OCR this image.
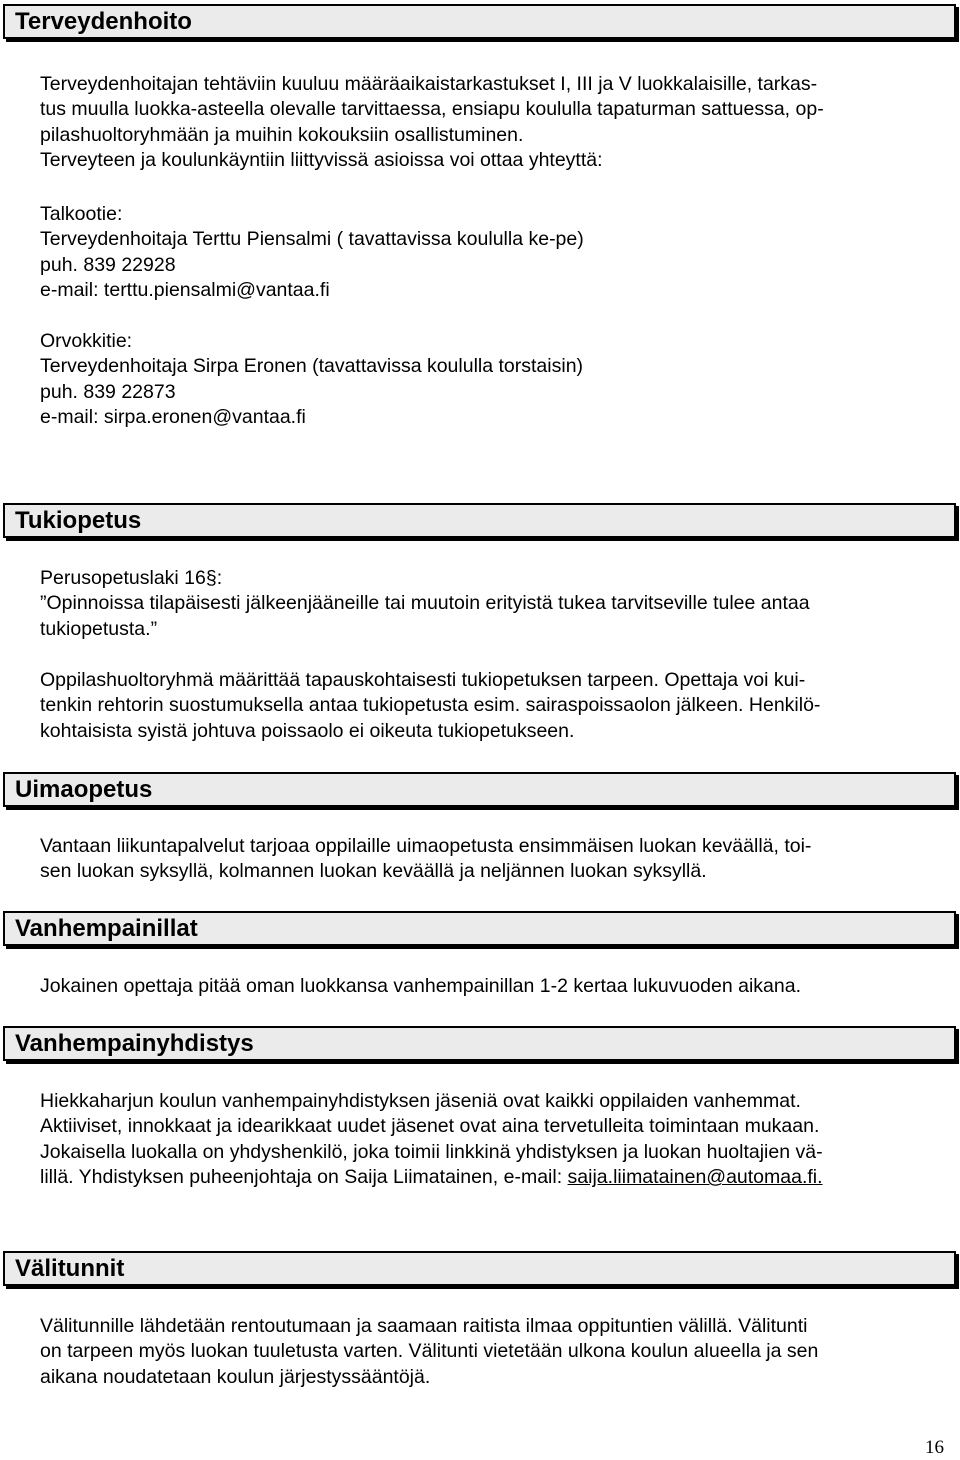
Terveydenhoito
Terveydenhoitajan tehtäviin kuuluu määräaikaistarkastukset I, III ja V luokkalaisille, tarkas-
tus muulla luokka-asteella olevalle tarvittaessa, ensiapu koululla tapaturman sattuessa, op-
pilashuoltoryhmään ja muihin kokouksiin osallistuminen.
Terveyteen ja koulunkäyntiin liittyvissä asioissa voi ottaa yhteyttä:
Talkootie:
Terveydenhoitaja Terttu Piensalmi ( tavattavissa koululla ke-pe)
puh. 839 22928
e-mail: terttu.piensalmi@vantaa.fi
Orvokkitie:
Terveydenhoitaja Sirpa Eronen (tavattavissa koululla torstaisin)
puh. 839 22873
e-mail: sirpa.eronen@vantaa.fi
Tukiopetus
Perusopetuslaki 16§:
”Opinnoissa tilapäisesti jälkeenjääneille tai muutoin erityistä tukea tarvitseville tulee antaa
tukiopetusta.”
Oppilashuoltoryhmä määrittää tapauskohtaisesti tukiopetuksen tarpeen. Opettaja voi kui-
tenkin rehtorin suostumuksella antaa tukiopetusta esim. sairaspoissaolon jälkeen. Henkilö-
kohtaisista syistä johtuva poissaolo ei oikeuta tukiopetukseen.
Uimaopetus
Vantaan liikuntapalvelut tarjoaa oppilaille uimaopetusta ensimmäisen luokan keväällä, toi-
sen luokan syksyllä, kolmannen luokan keväällä ja neljännen luokan syksyllä.
Vanhempainillat
Jokainen opettaja pitää oman luokkansa vanhempainillan 1-2 kertaa lukuvuoden aikana.
Vanhempainyhdistys
Hiekkaharjun koulun vanhempainyhdistyksen jäseniä ovat kaikki oppilaiden vanhemmat.
Aktiiviset, innokkaat ja idearikkaat uudet jäsenet ovat aina tervetulleita toimintaan mukaan.
Jokaisella luokalla on yhdyshenkilö, joka toimii linkkinä yhdistyksen ja luokan huoltajien vä-
lillä. Yhdistyksen puheenjohtaja on Saija Liimatainen, e-mail: saija.liimatainen@automaa.fi.
Välitunnit
Välitunnille lähdetään rentoutumaan ja saamaan raitista ilmaa oppituntien välillä. Välitunti
on tarpeen myös luokan tuuletusta varten. Välitunti vietetään ulkona koulun alueella ja sen
aikana noudatetaan koulun järjestyssääntöjä.
16
